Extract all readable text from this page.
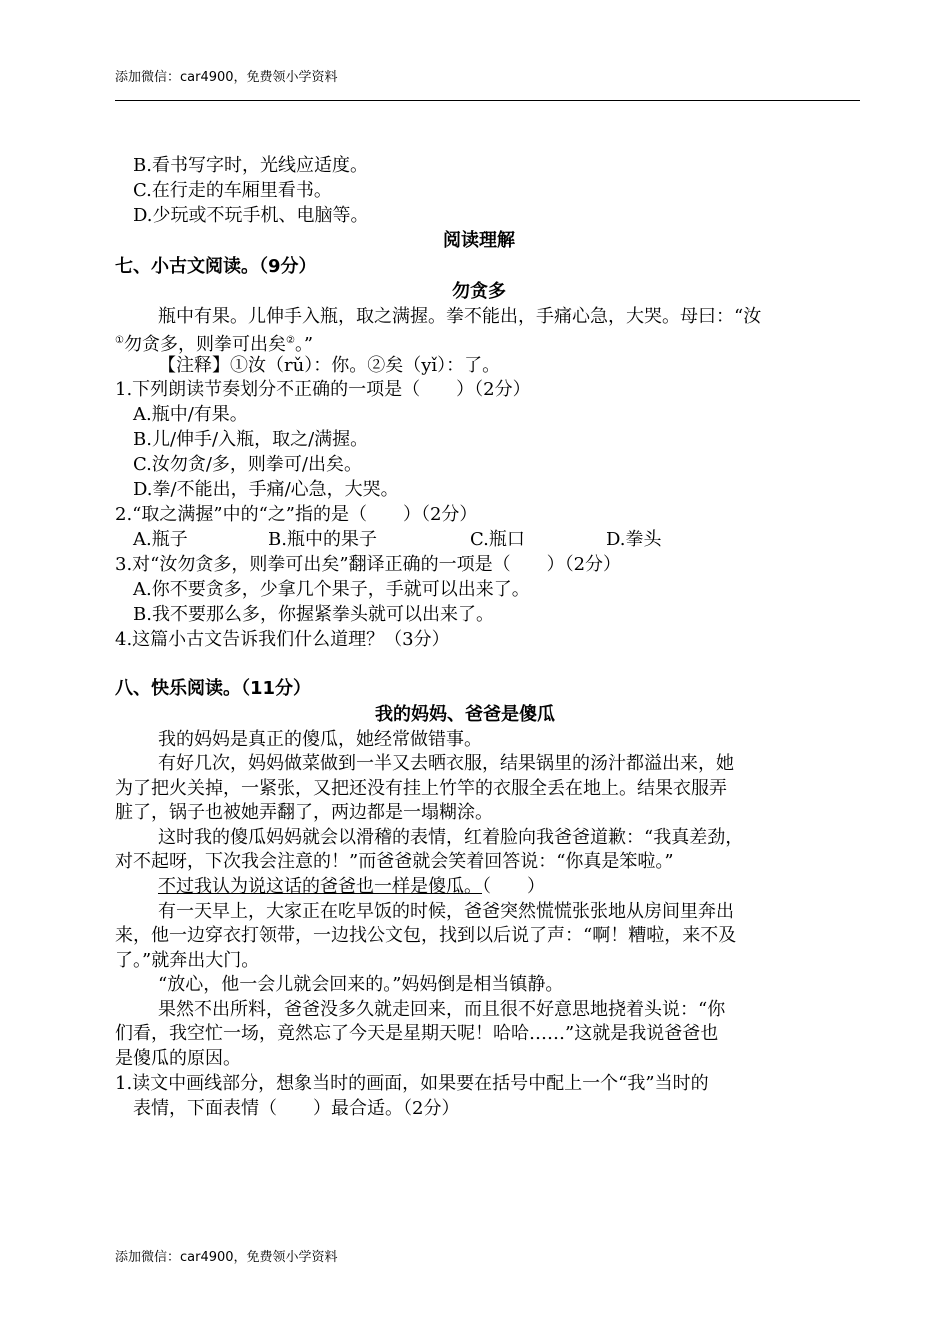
添加微信：car4900，免费领小学资料
B.看书写字时，光线应适度。
C.在行走的车厢里看书。
D.少玩或不玩手机、电脑等。
阅读理解
七、小古文阅读。（9分）
勿贪多
瓶中有果。儿伸手入瓶，取之满握。拳不能出，手痛心急，大哭。母曰：“汝
①勿贪多，则拳可出矣②。”
【注释】①汝（rǔ）：你。②矣（yǐ）：了。
1.下列朗读节奏划分不正确的一项是（　　）（2分）
A.瓶中/有果。
B.儿/伸手/入瓶，取之/满握。
C.汝勿贪/多，则拳可/出矣。
D.拳/不能出，手痛/心急，大哭。
2.“取之满握”中的“之”指的是（　　）（2分）
A.瓶子	B.瓶中的果子	C.瓶口	D.拳头
3.对“汝勿贪多，则拳可出矣”翻译正确的一项是（　　）（2分）
A.你不要贪多，少拿几个果子，手就可以出来了。
B.我不要那么多，你握紧拳头就可以出来了。
4.这篇小古文告诉我们什么道理？（3分）
八、快乐阅读。（11分）
我的妈妈、爸爸是傻瓜
我的妈妈是真正的傻瓜，她经常做错事。
有好几次，妈妈做菜做到一半又去晒衣服，结果锅里的汤汁都溢出来，她
为了把火关掉，一紧张，又把还没有挂上竹竿的衣服全丢在地上。结果衣服弄
脏了，锅子也被她弄翻了，两边都是一塌糊涂。
这时我的傻瓜妈妈就会以滑稽的表情，红着脸向我爸爸道歉：“我真差劲，
对不起呀，下次我会注意的！”而爸爸就会笑着回答说：“你真是笨啦。”
不过我认为说这话的爸爸也一样是傻瓜。（　　）
有一天早上，大家正在吃早饭的时候，爸爸突然慌慌张张地从房间里奔出
来，他一边穿衣打领带，一边找公文包，找到以后说了声：“啊！糟啦，来不及
了。”就奔出大门。
“放心，他一会儿就会回来的。”妈妈倒是相当镇静。
果然不出所料，爸爸没多久就走回来，而且很不好意思地挠着头说：“你
们看，我空忙一场，竟然忘了今天是星期天呢！哈哈……”这就是我说爸爸也
是傻瓜的原因。
1.读文中画线部分，想象当时的画面，如果要在括号中配上一个“我”当时的
表情，下面表情（　　）最合适。（2分）
添加微信：car4900，免费领小学资料
